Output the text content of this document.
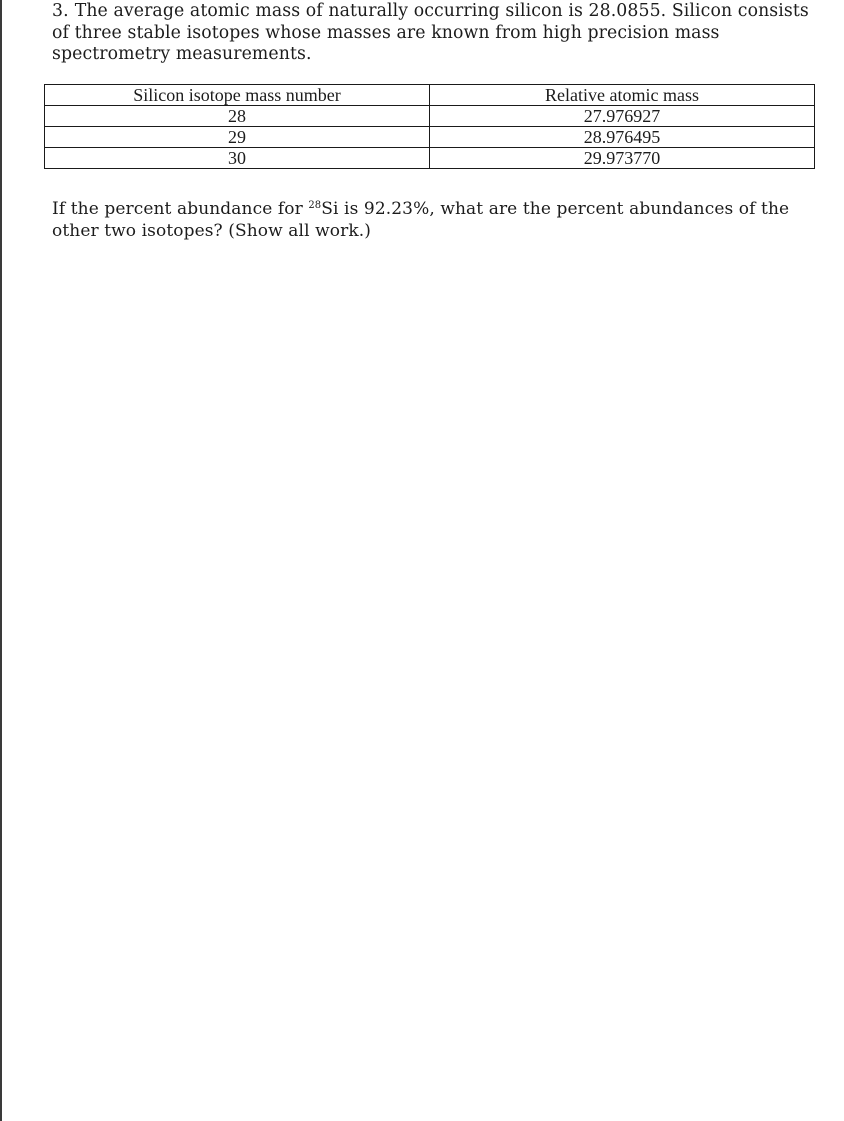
3. The average atomic mass of naturally occurring silicon is 28.0855. Silicon consists of three stable isotopes whose masses are known from high precision mass spectrometry measurements.

Silicon isotope mass number	Relative atomic mass
28	27.976927
29	28.976495
30	29.973770

If the percent abundance for $^{28}$Si is 92.23%, what are the percent abundances of the other two isotopes? (Show all work.)
